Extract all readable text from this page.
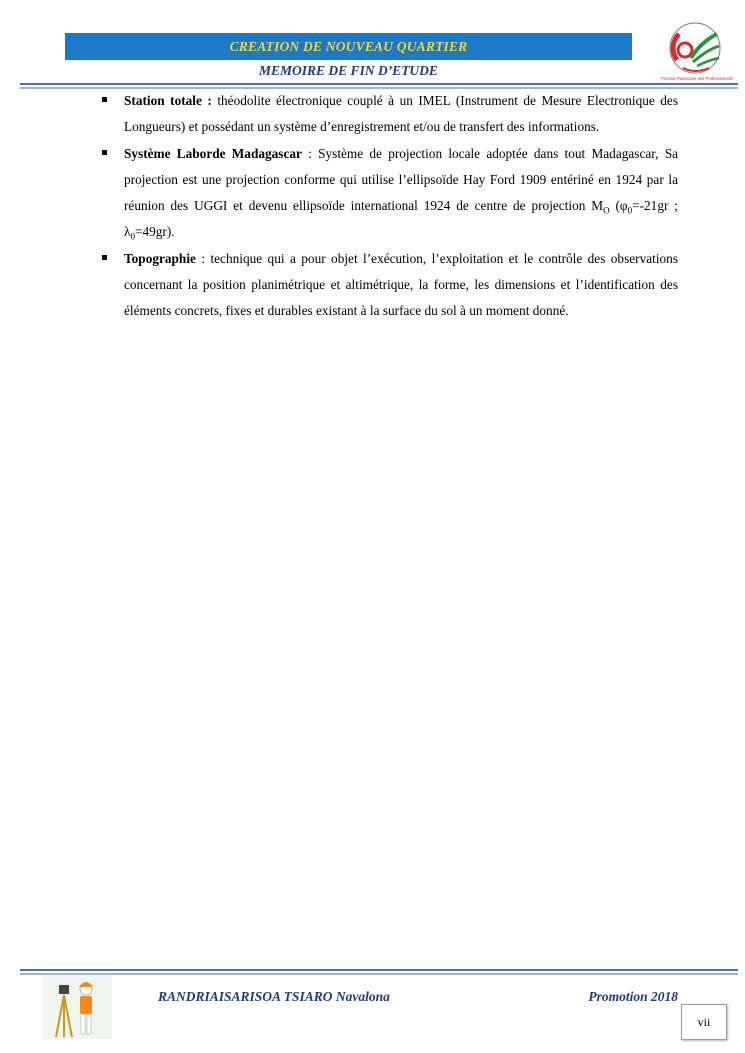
CREATION DE NOUVEAU QUARTIER
MEMOIRE DE FIN D’ETUDE
Premier Partenaire des Professionnels
Station totale : théodolite électronique couplé à un IMEL (Instrument de Mesure Electronique des Longueurs) et possédant un système d’enregistrement et/ou de transfert des informations.
Système Laborde Madagascar : Système de projection locale adoptée dans tout Madagascar, Sa projection est une projection conforme qui utilise l’ellipsoïde Hay Ford 1909 entériné en 1924 par la réunion des UGGI et devenu ellipsoïde international 1924 de centre de projection $M_O$ ($\varphi_0=-21gr$ ; $\lambda_0=49gr$).
Topographie : technique qui a pour objet l’exécution, l’exploitation et le contrôle des observations concernant la position planimétrique et altimétrique, la forme, les dimensions et l’identification des éléments concrets, fixes et durables existant à la surface du sol à un moment donné.
RANDRIAISARISOA TSIARO Navalona	Promotion 2018
vii
